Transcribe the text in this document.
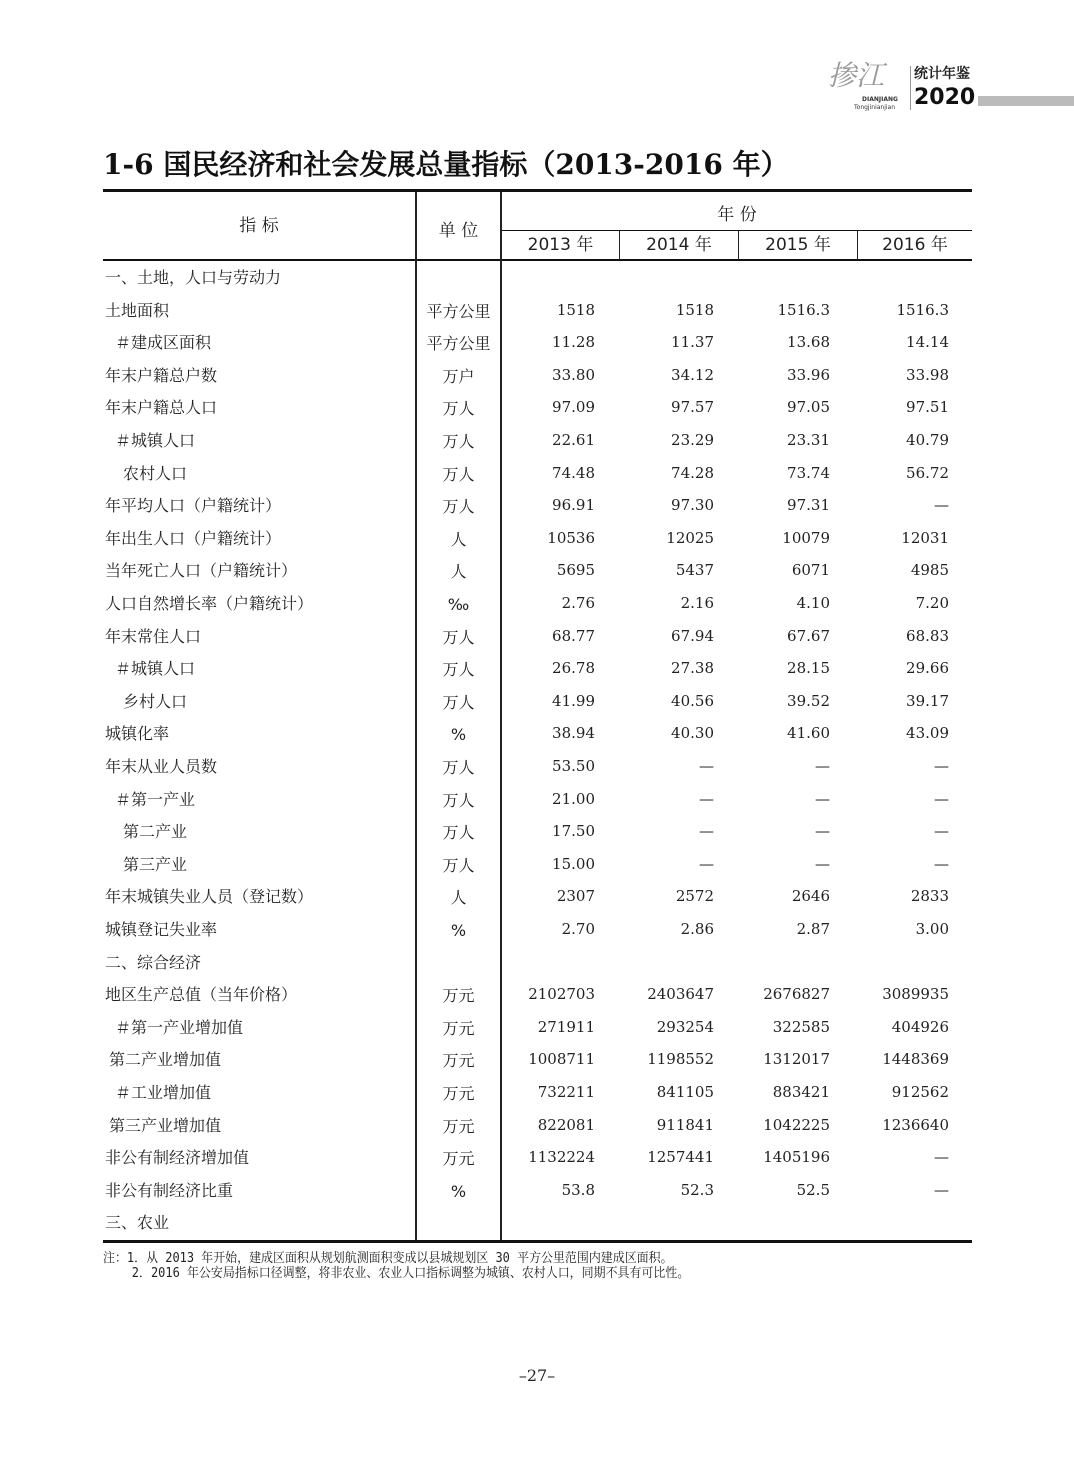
掺江
DIANJIANG
Tongjinianjian
统计年鉴
2020
1-6 国民经济和社会发展总量指标（2013-2016 年）
指 标	单 位
年 份
2013 年	2014 年	2015 年	2016 年
一、土地，人口与劳动力
土地面积	平方公里	1518	1518	1516.3	1516.3
＃建成区面积	平方公里	11.28	11.37	13.68	14.14
年末户籍总户数	万户	33.80	34.12	33.96	33.98
年末户籍总人口	万人	97.09	97.57	97.05	97.51
＃城镇人口	万人	22.61	23.29	23.31	40.79
农村人口	万人	74.48	74.28	73.74	56.72
年平均人口（户籍统计）	万人	96.91	97.30	97.31	—
年出生人口（户籍统计）	人	10536	12025	10079	12031
当年死亡人口（户籍统计）	人	5695	5437	6071	4985
人口自然增长率（户籍统计）	‰	2.76	2.16	4.10	7.20
年末常住人口	万人	68.77	67.94	67.67	68.83
＃城镇人口	万人	26.78	27.38	28.15	29.66
乡村人口	万人	41.99	40.56	39.52	39.17
城镇化率	%	38.94	40.30	41.60	43.09
年末从业人员数	万人	53.50	—	—	—
＃第一产业	万人	21.00	—	—	—
第二产业	万人	17.50	—	—	—
第三产业	万人	15.00	—	—	—
年末城镇失业人员（登记数）	人	2307	2572	2646	2833
城镇登记失业率	%	2.70	2.86	2.87	3.00
二、综合经济
地区生产总值（当年价格）	万元	2102703	2403647	2676827	3089935
＃第一产业增加值	万元	271911	293254	322585	404926
第二产业增加值	万元	1008711	1198552	1312017	1448369
＃工业增加值	万元	732211	841105	883421	912562
第三产业增加值	万元	822081	911841	1042225	1236640
非公有制经济增加值	万元	1132224	1257441	1405196	—
非公有制经济比重	%	53.8	52.3	52.5	—
三、农业
注：1．从 2013 年开始，建成区面积从规划航测面积变成以县城规划区 30 平方公里范围内建成区面积。
2．2016 年公安局指标口径调整，将非农业、农业人口指标调整为城镇、农村人口，同期不具有可比性。
–27–
